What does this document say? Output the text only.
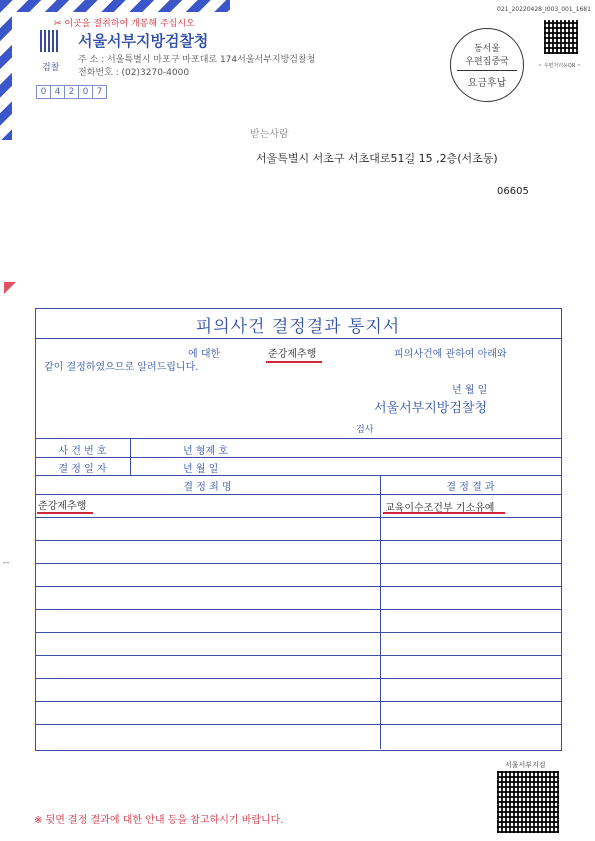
✂ 이곳을 절취하여 개봉해 주십시오
검찰
서울서부지방검찰청
주 소 : 서울특별시 마포구 마포대로 174서울서부지방검찰청
전화번호 : (02)3270-4000
0 4 2 0 7
021_20220428_I003_001_1681
동서울
우편집중국
요금후납
~ 우편처리용QR ~
받는사람
서울특별시 서초구 서초대로51길 15 ,2층(서초동)
06605
--
피의사건 결정결과 통지서
에 대한	준강제추행	피의사건에 관하여 아래와
같이 결정하였으므로 알려드립니다.
년 월 일
서울서부지방검찰청
검사
사 건 번 호	년 형제 호
결 정 일 자	년 월 일
결 정 죄 명	결 정 결 과
준강제추행	교육이수조건부 기소유예
※ 뒷면 결정 결과에 대한 안내 등을 참고하시기 바랍니다.
서울서부지검
